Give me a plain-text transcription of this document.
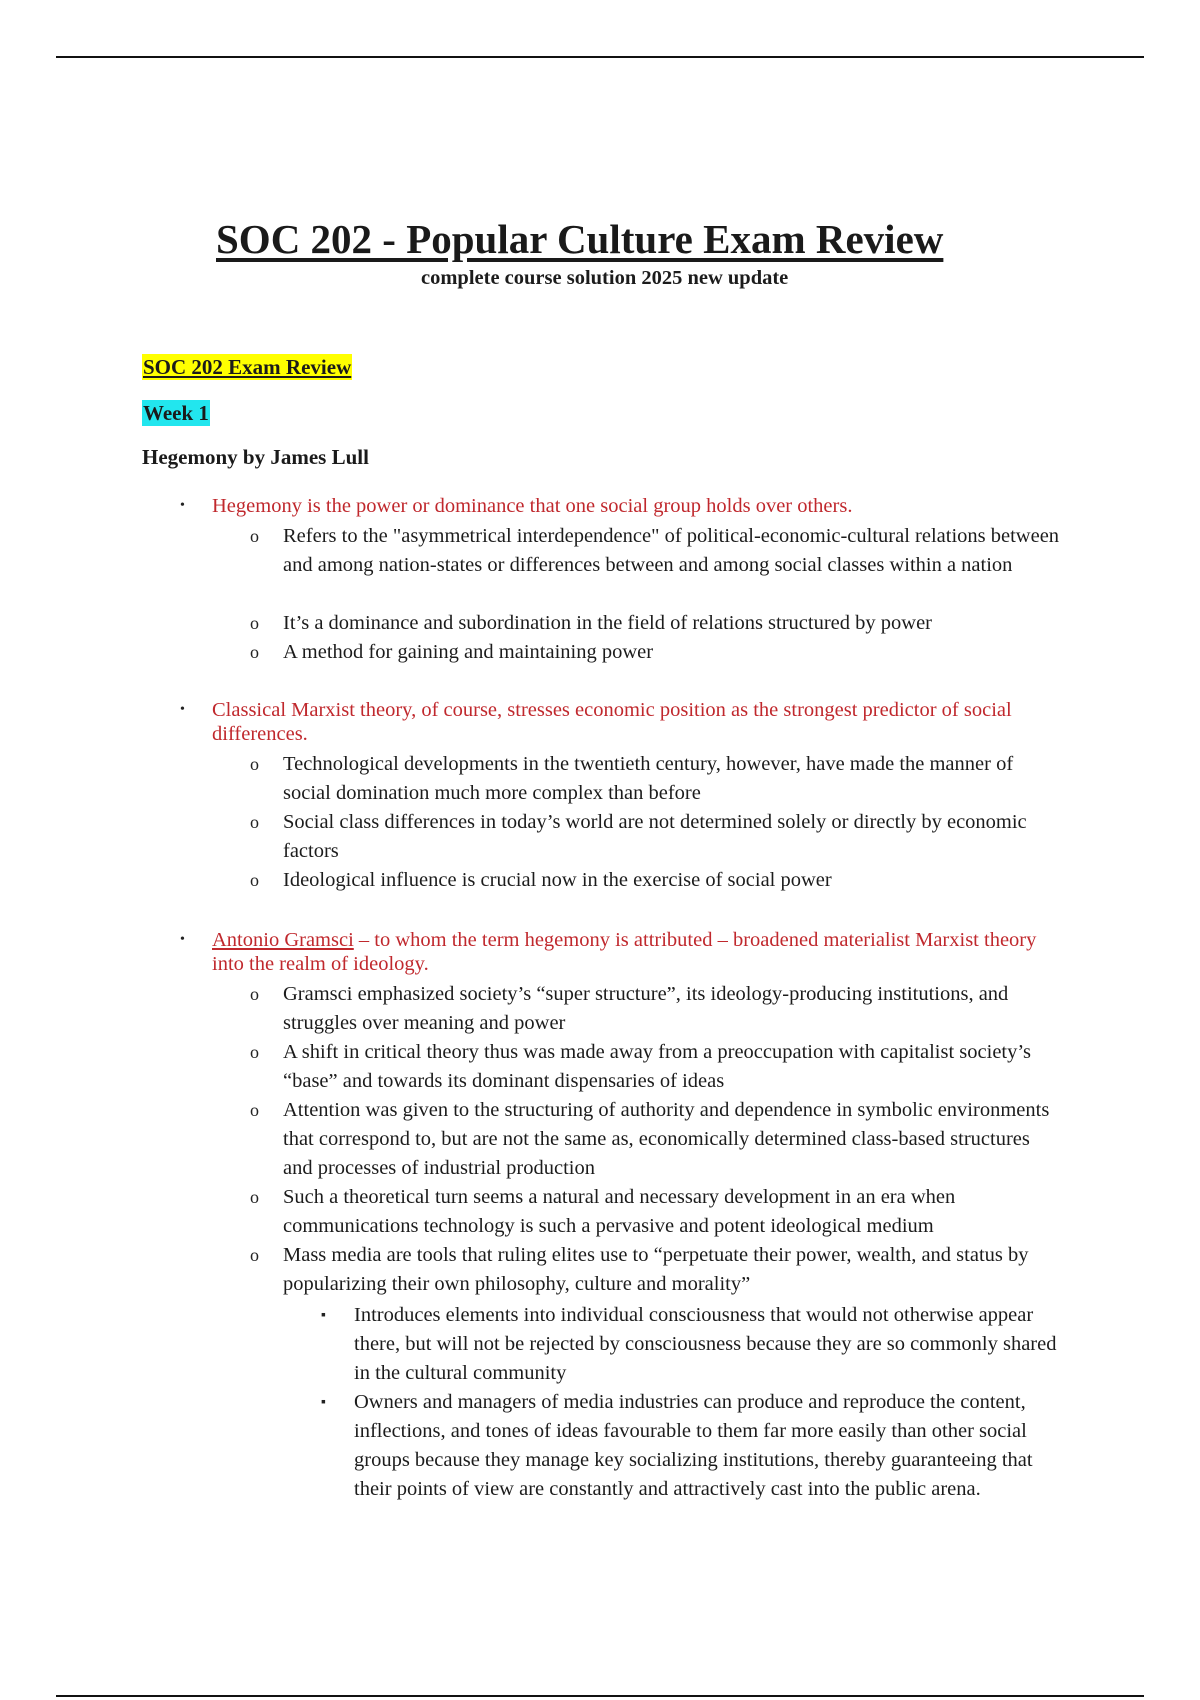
SOC 202 - Popular Culture Exam Review
complete course solution 2025 new update
SOC 202 Exam Review
Week 1
Hegemony by James Lull
• Hegemony is the power or dominance that one social group holds over others.
o Refers to the "asymmetrical interdependence" of political-economic-cultural relations between and among nation-states or differences between and among social classes within a nation
o It’s a dominance and subordination in the field of relations structured by power
o A method for gaining and maintaining power
• Classical Marxist theory, of course, stresses economic position as the strongest predictor of social differences.
o Technological developments in the twentieth century, however, have made the manner of social domination much more complex than before
o Social class differences in today’s world are not determined solely or directly by economic factors
o Ideological influence is crucial now in the exercise of social power
• Antonio Gramsci – to whom the term hegemony is attributed – broadened materialist Marxist theory into the realm of ideology.
o Gramsci emphasized society’s “super structure”, its ideology-producing institutions, and struggles over meaning and power
o A shift in critical theory thus was made away from a preoccupation with capitalist society’s “base” and towards its dominant dispensaries of ideas
o Attention was given to the structuring of authority and dependence in symbolic environments that correspond to, but are not the same as, economically determined class-based structures and processes of industrial production
o Such a theoretical turn seems a natural and necessary development in an era when communications technology is such a pervasive and potent ideological medium
o Mass media are tools that ruling elites use to “perpetuate their power, wealth, and status by popularizing their own philosophy, culture and morality”
▪ Introduces elements into individual consciousness that would not otherwise appear there, but will not be rejected by consciousness because they are so commonly shared in the cultural community
▪ Owners and managers of media industries can produce and reproduce the content, inflections, and tones of ideas favourable to them far more easily than other social groups because they manage key socializing institutions, thereby guaranteeing that their points of view are constantly and attractively cast into the public arena.
